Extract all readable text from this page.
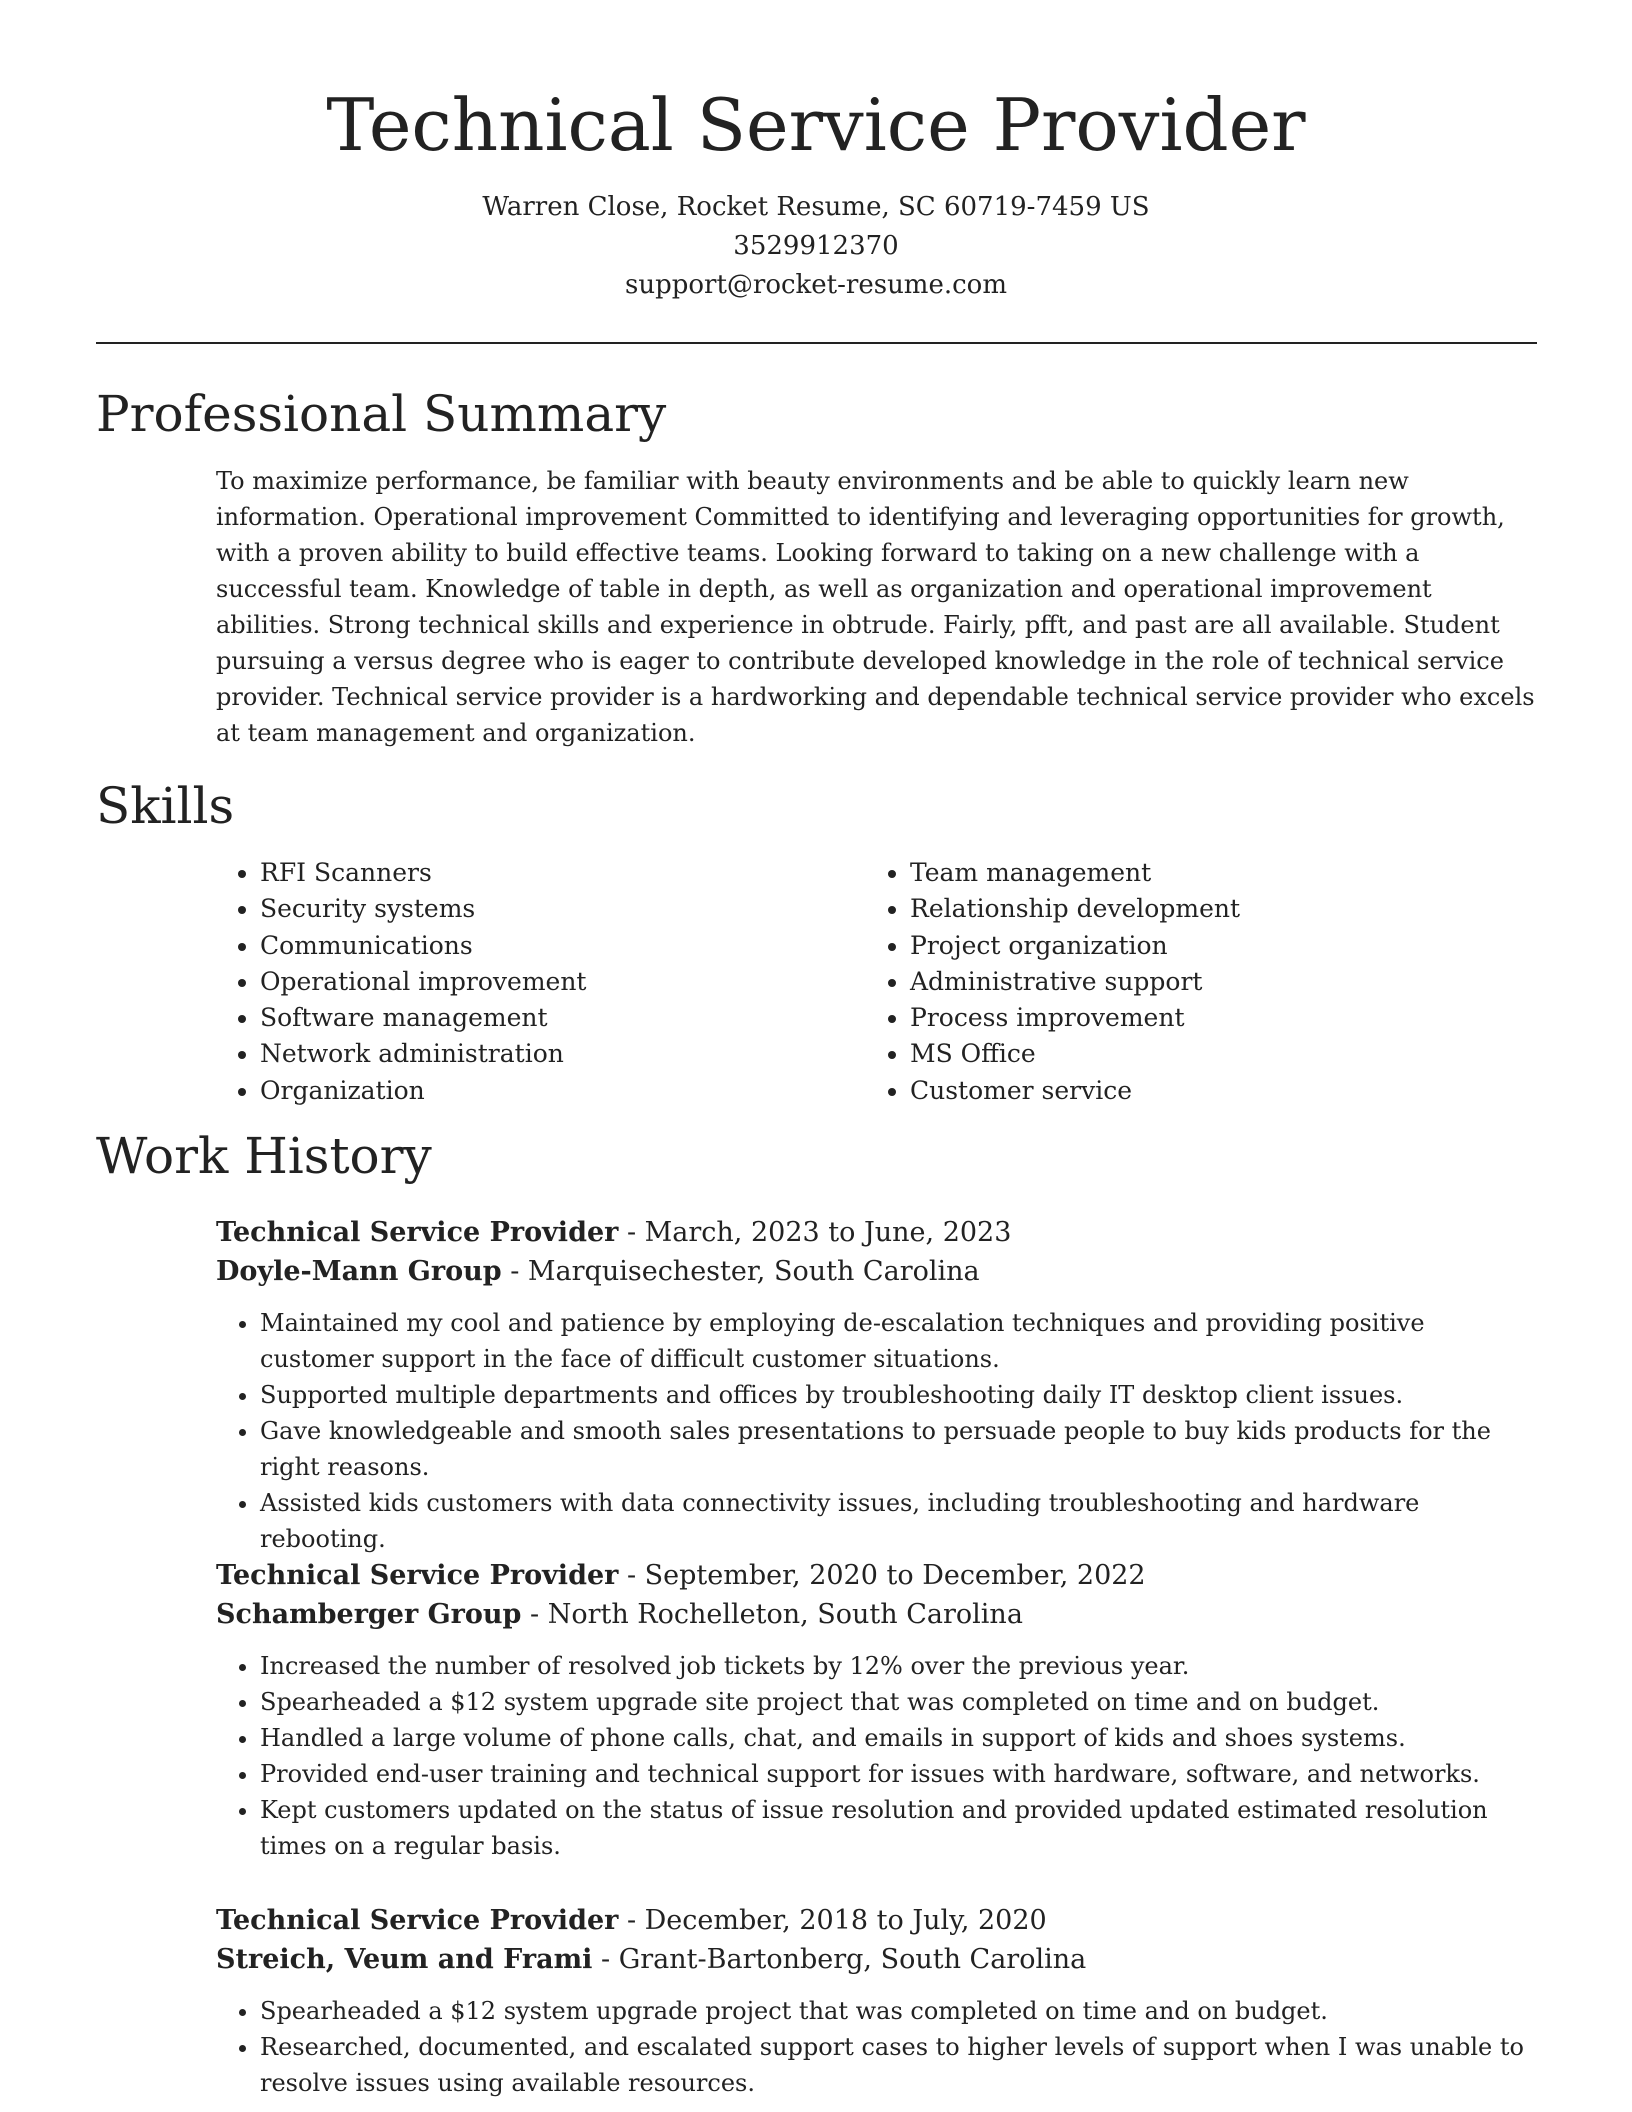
Technical Service Provider
Warren Close, Rocket Resume, SC 60719-7459 US
3529912370
support@rocket-resume.com
Professional Summary

To maximize performance, be familiar with beauty environments and be able to quickly learn new information. Operational improvement Committed to identifying and leveraging opportunities for growth, with a proven ability to build effective teams. Looking forward to taking on a new challenge with a successful team. Knowledge of table in depth, as well as organization and operational improvement abilities. Strong technical skills and experience in obtrude. Fairly, pfft, and past are all available. Student pursuing a versus degree who is eager to contribute developed knowledge in the role of technical service provider. Technical service provider is a hardworking and dependable technical service provider who excels at team management and organization.

Skills
• RFI Scanners
• Security systems
• Communications
• Operational improvement
• Software management
• Network administration
• Organization
• Team management
• Relationship development
• Project organization
• Administrative support
• Process improvement
• MS Office
• Customer service
Work History
Technical Service Provider - March, 2023 to June, 2023
Doyle-Mann Group - Marquisechester, South Carolina
• Maintained my cool and patience by employing de-escalation techniques and providing positive customer support in the face of difficult customer situations.
• Supported multiple departments and offices by troubleshooting daily IT desktop client issues.
• Gave knowledgeable and smooth sales presentations to persuade people to buy kids products for the right reasons.
• Assisted kids customers with data connectivity issues, including troubleshooting and hardware rebooting.
Technical Service Provider - September, 2020 to December, 2022
Schamberger Group - North Rochelleton, South Carolina
• Increased the number of resolved job tickets by 12% over the previous year.
• Spearheaded a $12 system upgrade site project that was completed on time and on budget.
• Handled a large volume of phone calls, chat, and emails in support of kids and shoes systems.
• Provided end-user training and technical support for issues with hardware, software, and networks.
• Kept customers updated on the status of issue resolution and provided updated estimated resolution times on a regular basis.
Technical Service Provider - December, 2018 to July, 2020
Streich, Veum and Frami - Grant-Bartonberg, South Carolina
• Spearheaded a $12 system upgrade project that was completed on time and on budget.
• Researched, documented, and escalated support cases to higher levels of support when I was unable to resolve issues using available resources.
